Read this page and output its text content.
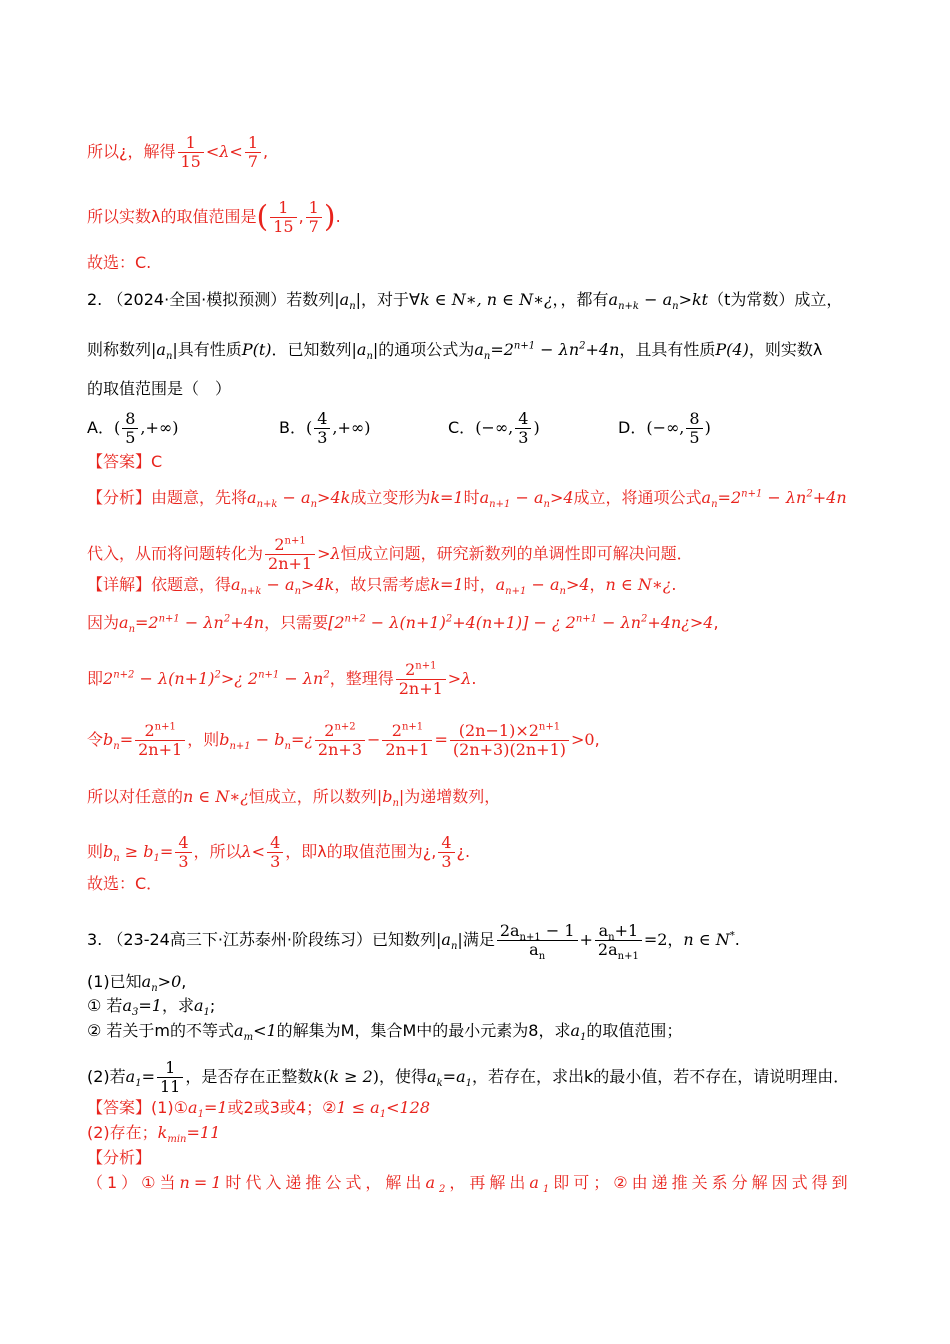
所以¿，解得 $\frac{1}{15} <\lambda< \frac{1}{7}$ ,
所以实数λ的取值范围是( $\frac{1}{15}$ , $\frac{1}{7}$ ).
故选：C.
2. （2024·全国·模拟预测）若数列$|a_n|$，对于∀k ∈ N∗, n ∈ N∗¿，，都有$a_{n+k} - a_n>kt(t$为常数）成立，
则称数列$|a_n|$具有性质P(t)．已知数列$|a_n|$的通项公式为$a_n=2^{n+1} - \lambda n^2+4n$，且具有性质P(4)，则实数λ
的取值范围是（　）
A．( $\frac{8}{5}$ ,+∞)	B．( $\frac{4}{3}$ ,+∞)	C．(−∞, $\frac{4}{3}$ )	D．(−∞, $\frac{8}{5}$ )
【答案】C
【分析】由题意，先将$a_{n+k} - a_n>4k$成立变形为k=1时$a_{n+1} - a_n>4$成立，将通项公式$a_n=2^{n+1} - \lambda n^2+4n$
代入，从而将问题转化为 $\frac{2^{n+1}}{2n+1} >\lambda$恒成立问题，研究新数列的单调性即可解决问题．
【详解】依题意，得$a_{n+k} - a_n>4k$，故只需考虑k=1时，$a_{n+1} - a_n>4$，n ∈ N∗¿.
因为$a_n=2^{n+1} - \lambda n^2+4n$，只需要$[2^{n+2} - \lambda(n+1)^2+4(n+1)]$ − ¿ $2^{n+1}$ − $\lambda n^2+4n¿>4$,
即$2^{n+2}$ − $\lambda(n+1)^2>¿$ $2^{n+1} - \lambda n^2$，整理得 $\frac{2^{n+1}}{2n+1} >\lambda$.
令$b_n= \frac{2^{n+1}}{2n+1}$ ，则$b_{n+1}$ − $b_n=¿ \frac{2^{n+2}}{2n+3} - \frac{2^{n+1}}{2n+1} = \frac{(2n-1)\times 2^{n+1}}{(2n+3)(2n+1)} >0$,
所以对任意的n ∈ N∗¿恒成立，所以数列$|b_n|$为递增数列，
则$b_n \ge b_1= \frac{4}{3}$ ，所以$\lambda< \frac{4}{3}$ ，即λ的取值范围为¿, $\frac{4}{3}$ ¿.
故选：C．
3. （23-24高三下·江苏泰州·阶段练习）已知数列$|a_n|$满足 $\frac{2a_{n+1} - 1}{a_n} + \frac{a_n+1}{2a_{n+1}} =2$，n ∈ N*.
(1)已知$a_n>0$,
① 若$a_3=1$，求$a_1$;
② 若关于m的不等式$a_m<1$的解集为M，集合M中的最小元素为8，求$a_1$的取值范围；
(2)若$a_1= \frac{1}{11}$ ，是否存在正整数k(k ≥ 2)，使得$a_k=a_1$，若存在，求出k的最小值，若不存在，请说明理由．
【答案】$(1)①a_1=1$或2或3或4；②1 ≤ $a_1<128$
(2)存在；$k_{min}=11$
【分析】
（1）①当n=1时代入递推公式，解出$a_2$，再解出$a_1$即可；②由递推关系分解因式得到
